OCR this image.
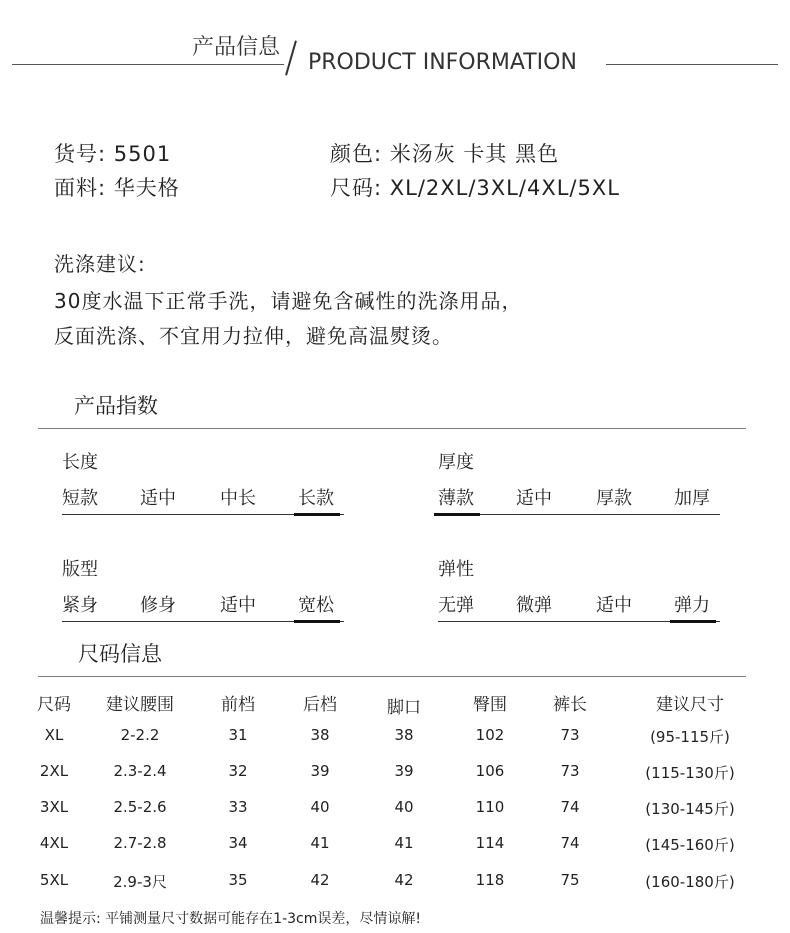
产品信息
PRODUCT INFORMATION
货号: 5501
面料: 华夫格
颜色: 米汤灰 卡其 黑色
尺码: XL/2XL/3XL/4XL/5XL
洗涤建议:
30度水温下正常手洗，请避免含碱性的洗涤用品，
反面洗涤、不宜用力拉伸，避免高温熨烫。
产品指数
长度
短款 适中 中长 长款
厚度
薄款 适中 厚款 加厚
版型
紧身 修身 适中 宽松
弹性
无弹 微弹 适中 弹力
尺码信息
尺码	建议腰围	前档	后档	脚口	臀围	裤长	建议尺寸
XL	2-2.2	31	38	38	102	73	(95-115斤)
2XL	2.3-2.4	32	39	39	106	73	(115-130斤)
3XL	2.5-2.6	33	40	40	110	74	(130-145斤)
4XL	2.7-2.8	34	41	41	114	74	(145-160斤)
5XL	2.9-3尺	35	42	42	118	75	(160-180斤)
温馨提示: 平铺测量尺寸数据可能存在1-3cm误差，尽情谅解!
